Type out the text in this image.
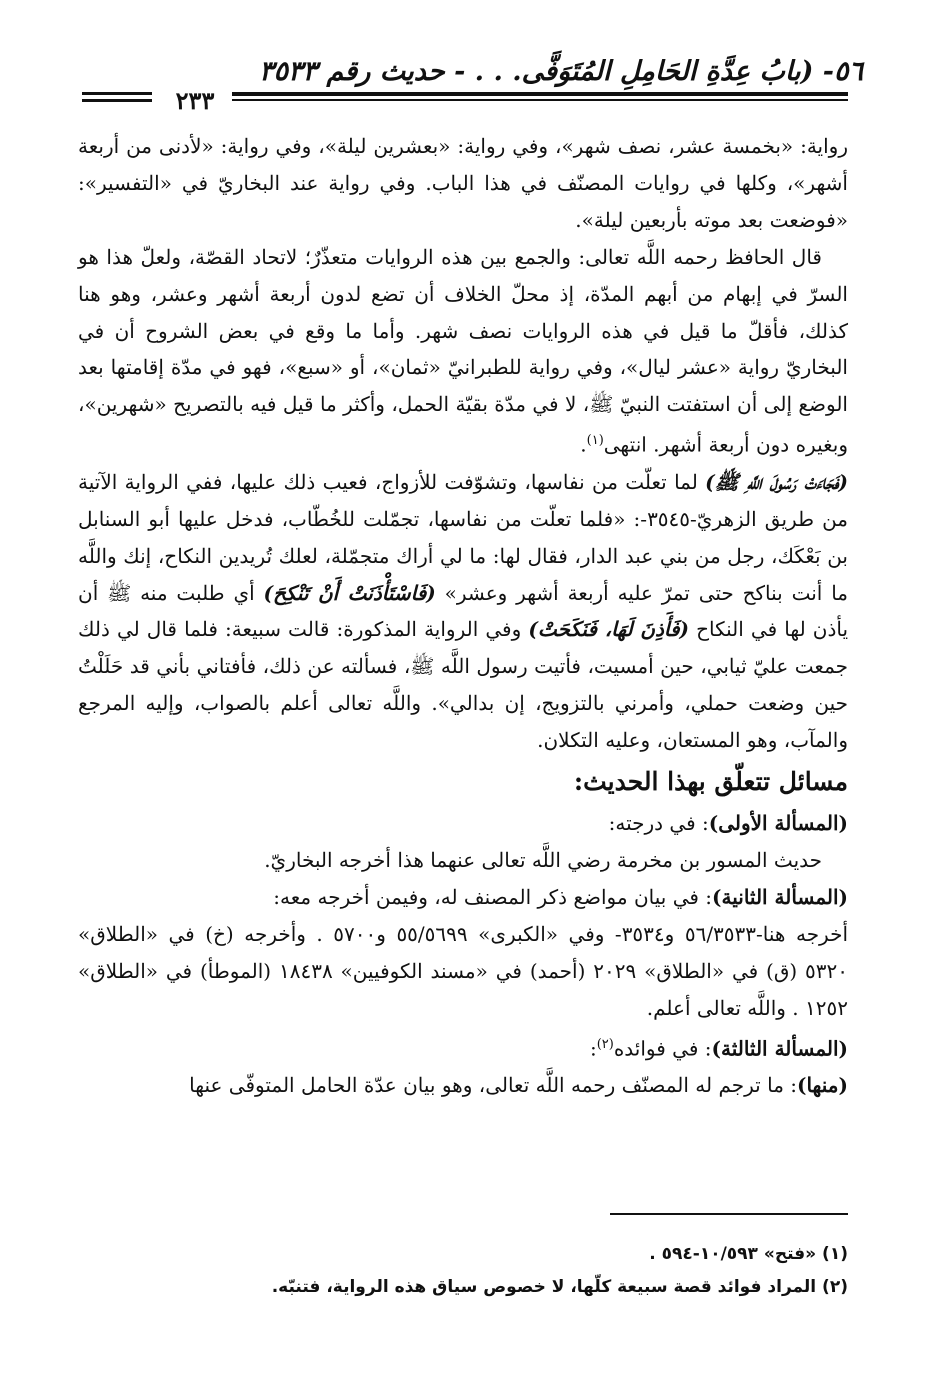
٥٦- (بابُ عِدَّةِ الحَامِلِ المُتَوَفَّى. . . - حديث رقم ٣٥٣٣
٢٣٣

رواية: «بخمسة عشر، نصف شهر»، وفي رواية: «بعشرين ليلة»، وفي رواية: «لأدنى من أربعة أشهر»، وكلها في روايات المصنّف في هذا الباب. وفي رواية عند البخاريّ في «التفسير»: «فوضعت بعد موته بأربعين ليلة».

قال الحافظ رحمه اللَّه تعالى: والجمع بين هذه الروايات متعذّرٌ؛ لاتحاد القصّة، ولعلّ هذا هو السرّ في إبهام من أبهم المدّة، إذ محلّ الخلاف أن تضع لدون أربعة أشهر وعشر، وهو هنا كذلك، فأقلّ ما قيل في هذه الروايات نصف شهر. وأما ما وقع في بعض الشروح أن في البخاريّ رواية «عشر ليال»، وفي رواية للطبرانيّ «ثمان»، أو «سبع»، فهو في مدّة إقامتها بعد الوضع إلى أن استفتت النبيّ ﷺ، لا في مدّة بقيّة الحمل، وأكثر ما قيل فيه بالتصريح «شهرين»، وبغيره دون أربعة أشهر. انتهى$^{(١)}$.

(فَجَاءَتْ رَسُولَ اللَّهِ ﷺ) لما تعلّت من نفاسها، وتشوّفت للأزواج، فعيب ذلك عليها، ففي الرواية الآتية من طريق الزهريّ-٣٥٤٥-: «فلما تعلّت من نفاسها، تجمّلت للخُطّاب، فدخل عليها أبو السنابل بن بَعْكَك، رجل من بني عبد الدار، فقال لها: ما لي أراك متجمّلة، لعلك تُريدين النكاح، إنك واللَّه ما أنت بناكح حتى تمرّ عليه أربعة أشهر وعشر» (فَاسْتَأْذَنَتْ أَنْ تَنْكِحَ) أي طلبت منه ﷺ أن يأذن لها في النكاح (فَأَذِنَ لَهَا، فَنَكَحَتْ) وفي الرواية المذكورة: قالت سبيعة: فلما قال لي ذلك جمعت عليّ ثيابي، حين أمسيت، فأتيت رسول اللَّه ﷺ، فسألته عن ذلك، فأفتاني بأني قد حَلَلْتُ حين وضعت حملي، وأمرني بالتزويج، إن بدالي». واللَّه تعالى أعلم بالصواب، وإليه المرجع والمآب، وهو المستعان، وعليه التكلان.

مسائل تتعلّق بهذا الحديث:

(المسألة الأولى): في درجته:

حديث المسور بن مخرمة رضي اللَّه تعالى عنهما هذا أخرجه البخاريّ.

(المسألة الثانية): في بيان مواضع ذكر المصنف له، وفيمن أخرجه معه:

أخرجه هنا-٥٦/٣٥٣٣ و٣٥٣٤- وفي «الكبرى» ٥٥/٥٦٩٩ و٥٧٠٠ . وأخرجه (خ) في «الطلاق» ٥٣٢٠ (ق) في «الطلاق» ٢٠٢٩ (أحمد) في «مسند الكوفيين» ١٨٤٣٨ (الموطأ) في «الطلاق» ١٢٥٢ . واللَّه تعالى أعلم.

(المسألة الثالثة): في فوائده$^{(٢)}$:

(منها): ما ترجم له المصنّف رحمه اللَّه تعالى، وهو بيان عدّة الحامل المتوفّى عنها

(١) «فتح» ١٠/٥٩٣-٥٩٤ .

(٢) المراد فوائد قصة سبيعة كلّها، لا خصوص سياق هذه الرواية، فتنبّه.
